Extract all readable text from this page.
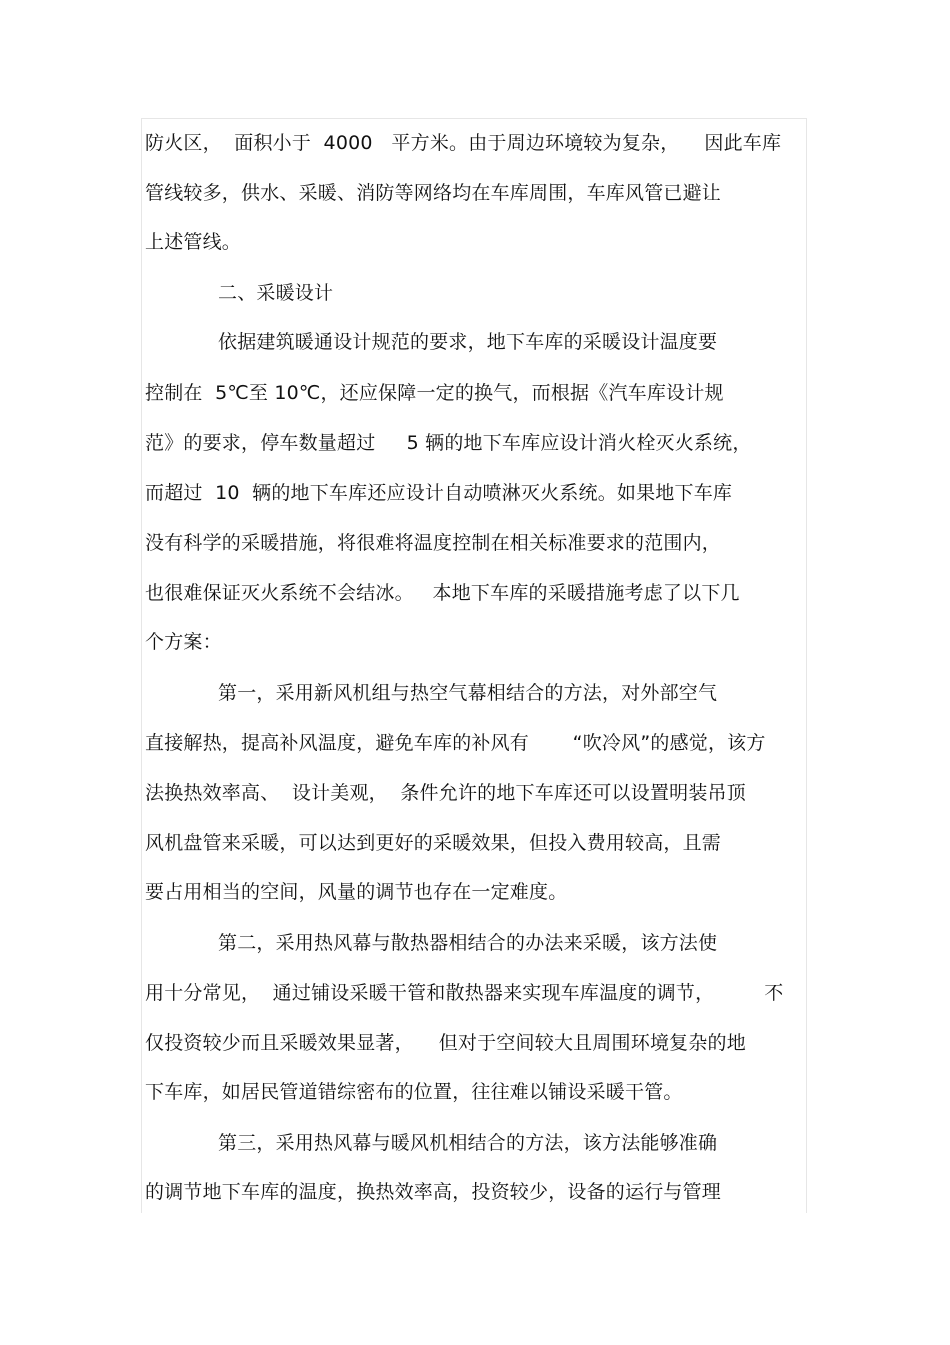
防火区，  面积小于  4000   平方米。由于周边环境较为复杂，    因此车库
管线较多，供水、采暖、消防等网络均在车库周围，车库风管已避让
上述管线。
二、采暖设计
依据建筑暖通设计规范的要求，地下车库的采暖设计温度要
控制在  5℃至 10℃，还应保障一定的换气，而根据《汽车库设计规
范》的要求，停车数量超过     5 辆的地下车库应设计消火栓灭火系统，
而超过  10  辆的地下车库还应设计自动喷淋灭火系统。如果地下车库
没有科学的采暖措施，将很难将温度控制在相关标准要求的范围内，
也很难保证灭火系统不会结冰。   本地下车库的采暖措施考虑了以下几
个方案：
第一，采用新风机组与热空气幕相结合的方法，对外部空气
直接解热，提高补风温度，避免车库的补风有       “吹冷风”的感觉，该方
法换热效率高、  设计美观，  条件允许的地下车库还可以设置明装吊顶
风机盘管来采暖，可以达到更好的采暖效果，但投入费用较高，且需
要占用相当的空间，风量的调节也存在一定难度。
第二，采用热风幕与散热器相结合的办法来采暖，该方法使
用十分常见，  通过铺设采暖干管和散热器来实现车库温度的调节，        不
仅投资较少而且采暖效果显著，    但对于空间较大且周围环境复杂的地
下车库，如居民管道错综密布的位置，往往难以铺设采暖干管。
第三，采用热风幕与暖风机相结合的方法，该方法能够准确
的调节地下车库的温度，换热效率高，投资较少，设备的运行与管理
